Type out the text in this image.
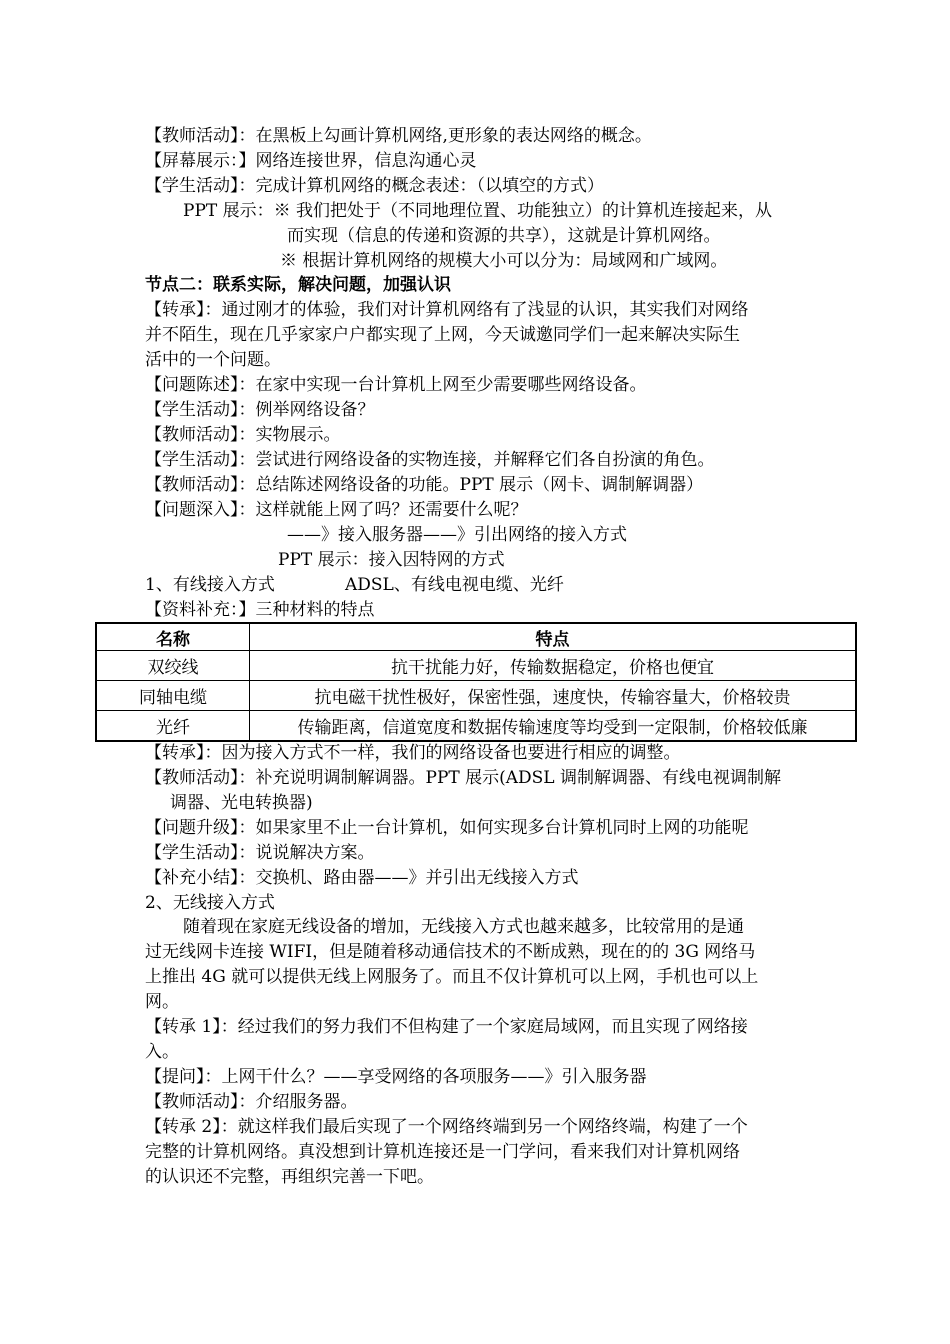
【教师活动】：在黑板上勾画计算机网络,更形象的表达网络的概念。
【屏幕展示：】网络连接世界，信息沟通心灵
【学生活动】：完成计算机网络的概念表述：（以填空的方式）
PPT 展示：※ 我们把处于（不同地理位置、功能独立）的计算机连接起来，从
而实现（信息的传递和资源的共享），这就是计算机网络。
※ 根据计算机网络的规模大小可以分为：局域网和广域网。
节点二：联系实际，解决问题，加强认识
【转承】：通过刚才的体验，我们对计算机网络有了浅显的认识，其实我们对网络
并不陌生，现在几乎家家户户都实现了上网，今天诚邀同学们一起来解决实际生
活中的一个问题。
【问题陈述】：在家中实现一台计算机上网至少需要哪些网络设备。
【学生活动】：例举网络设备？
【教师活动】：实物展示。
【学生活动】：尝试进行网络设备的实物连接，并解释它们各自扮演的角色。
【教师活动】：总结陈述网络设备的功能。PPT 展示（网卡、调制解调器）
【问题深入】：这样就能上网了吗？还需要什么呢？
——》接入服务器——》引出网络的接入方式
PPT 展示：接入因特网的方式
1、有线接入方式	ADSL、有线电视电缆、光纤
【资料补充：】三种材料的特点
名称	特点
双绞线	抗干扰能力好，传输数据稳定，价格也便宜
同轴电缆	抗电磁干扰性极好，保密性强，速度快，传输容量大，价格较贵
光纤	传输距离，信道宽度和数据传输速度等均受到一定限制，价格较低廉
【转承】：因为接入方式不一样，我们的网络设备也要进行相应的调整。
【教师活动】：补充说明调制解调器。PPT 展示(ADSL 调制解调器、有线电视调制解
调器、光电转换器)
【问题升级】：如果家里不止一台计算机，如何实现多台计算机同时上网的功能呢
【学生活动】：说说解决方案。
【补充小结】：交换机、路由器——》并引出无线接入方式
2、无线接入方式
随着现在家庭无线设备的增加，无线接入方式也越来越多，比较常用的是通
过无线网卡连接 WIFI，但是随着移动通信技术的不断成熟，现在的的 3G 网络马
上推出 4G 就可以提供无线上网服务了。而且不仅计算机可以上网，手机也可以上
网。
【转承 1】：经过我们的努力我们不但构建了一个家庭局域网，而且实现了网络接
入。
【提问】：上网干什么？——享受网络的各项服务——》引入服务器
【教师活动】：介绍服务器。
【转承 2】：就这样我们最后实现了一个网络终端到另一个网络终端，构建了一个
完整的计算机网络。真没想到计算机连接还是一门学问，看来我们对计算机网络
的认识还不完整，再组织完善一下吧。
